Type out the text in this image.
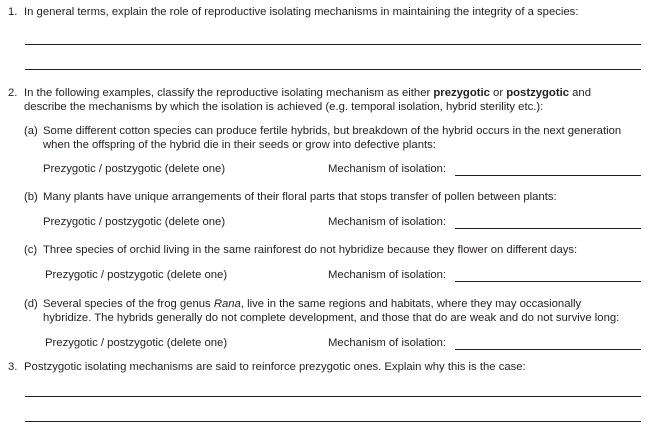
1. In general terms, explain the role of reproductive isolating mechanisms in maintaining the integrity of a species:
2. In the following examples, classify the reproductive isolating mechanism as either prezygotic or postzygotic and
describe the mechanisms by which the isolation is achieved (e.g. temporal isolation, hybrid sterility etc.):
(a) Some different cotton species can produce fertile hybrids, but breakdown of the hybrid occurs in the next generation
when the offspring of the hybrid die in their seeds or grow into defective plants:
Prezygotic / postzygotic (delete one)	Mechanism of isolation:
(b) Many plants have unique arrangements of their floral parts that stops transfer of pollen between plants:
Prezygotic / postzygotic (delete one)	Mechanism of isolation:
(c) Three species of orchid living in the same rainforest do not hybridize because they flower on different days:
Prezygotic / postzygotic (delete one)	Mechanism of isolation:
(d) Several species of the frog genus Rana, live in the same regions and habitats, where they may occasionally
hybridize. The hybrids generally do not complete development, and those that do are weak and do not survive long:
Prezygotic / postzygotic (delete one)	Mechanism of isolation:
3. Postzygotic isolating mechanisms are said to reinforce prezygotic ones. Explain why this is the case:
